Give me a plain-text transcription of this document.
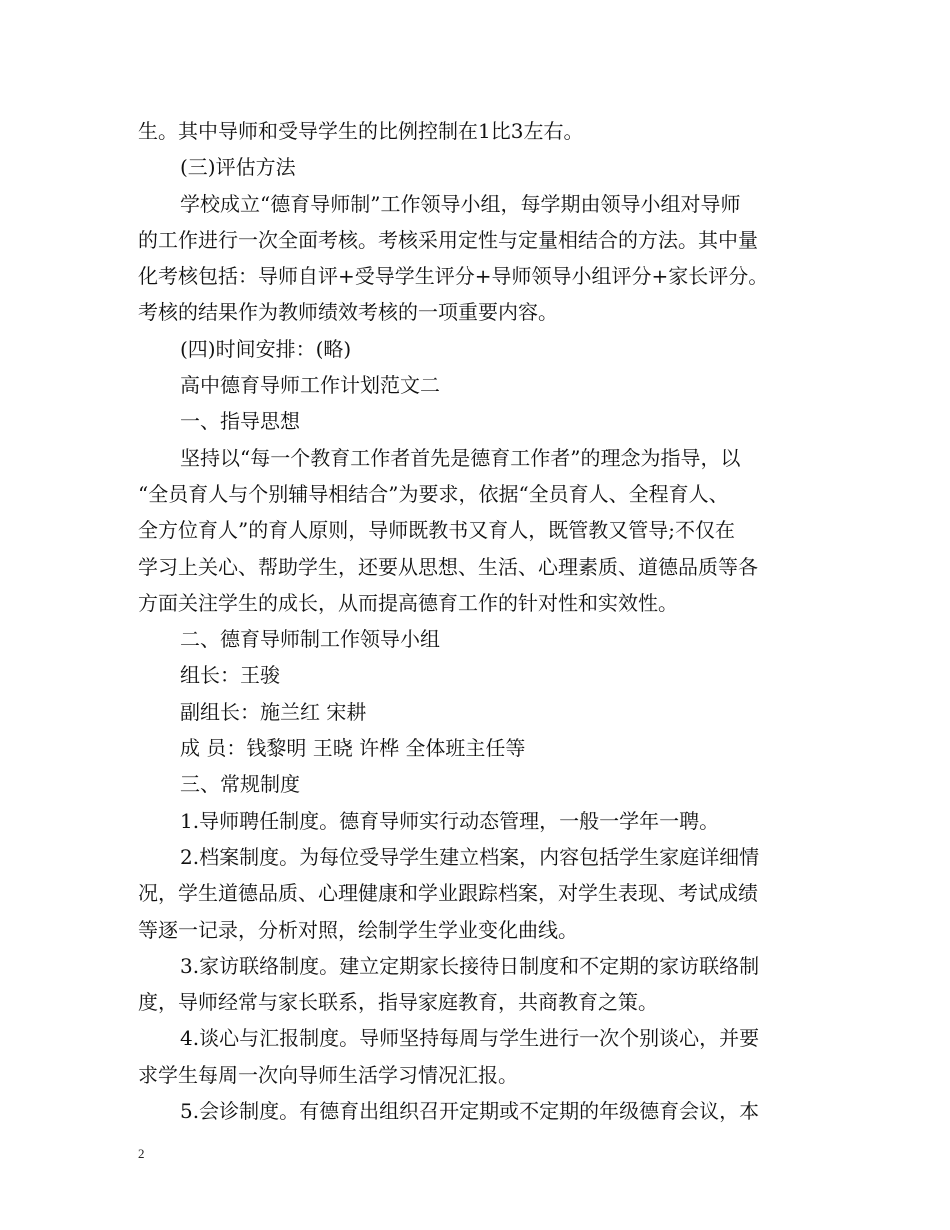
生。其中导师和受导学生的比例控制在1比3左右。
(三)评估方法
学校成立“德育导师制”工作领导小组，每学期由领导小组对导师
的工作进行一次全面考核。考核采用定性与定量相结合的方法。其中量
化考核包括：导师自评+受导学生评分+导师领导小组评分+家长评分。
考核的结果作为教师绩效考核的一项重要内容。
(四)时间安排：(略)
高中德育导师工作计划范文二
一、指导思想
坚持以“每一个教育工作者首先是德育工作者”的理念为指导，以
“全员育人与个别辅导相结合”为要求，依据“全员育人、全程育人、
全方位育人”的育人原则，导师既教书又育人，既管教又管导;不仅在
学习上关心、帮助学生，还要从思想、生活、心理素质、道德品质等各
方面关注学生的成长，从而提高德育工作的针对性和实效性。
二、德育导师制工作领导小组
组长：王骏
副组长：施兰红 宋耕
成 员：钱黎明 王晓 许桦 全体班主任等
三、常规制度
1.导师聘任制度。德育导师实行动态管理，一般一学年一聘。
2.档案制度。为每位受导学生建立档案，内容包括学生家庭详细情
况，学生道德品质、心理健康和学业跟踪档案，对学生表现、考试成绩
等逐一记录，分析对照，绘制学生学业变化曲线。
3.家访联络制度。建立定期家长接待日制度和不定期的家访联络制
度，导师经常与家长联系，指导家庭教育，共商教育之策。
4.谈心与汇报制度。导师坚持每周与学生进行一次个别谈心，并要
求学生每周一次向导师生活学习情况汇报。
5.会诊制度。有德育出组织召开定期或不定期的年级德育会议，本
2
